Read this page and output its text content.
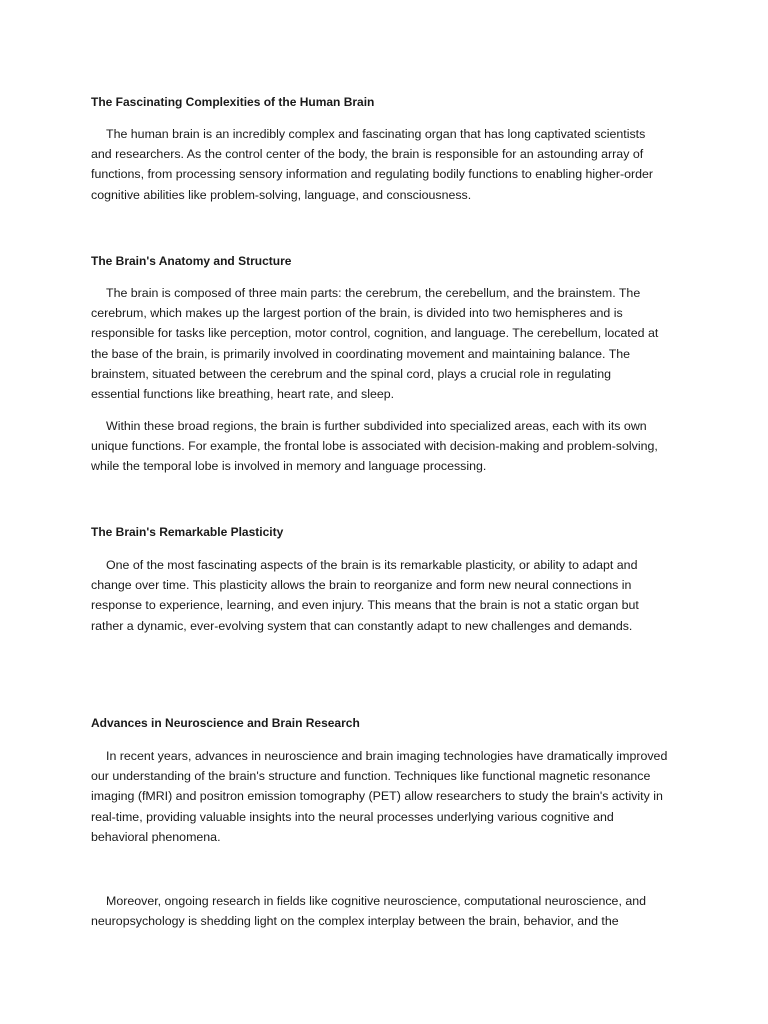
The Fascinating Complexities of the Human Brain

The human brain is an incredibly complex and fascinating organ that has long captivated scientists
and researchers. As the control center of the body, the brain is responsible for an astounding array of
functions, from processing sensory information and regulating bodily functions to enabling higher-order
cognitive abilities like problem-solving, language, and consciousness.

The Brain's Anatomy and Structure

The brain is composed of three main parts: the cerebrum, the cerebellum, and the brainstem. The
cerebrum, which makes up the largest portion of the brain, is divided into two hemispheres and is
responsible for tasks like perception, motor control, cognition, and language. The cerebellum, located at
the base of the brain, is primarily involved in coordinating movement and maintaining balance. The
brainstem, situated between the cerebrum and the spinal cord, plays a crucial role in regulating
essential functions like breathing, heart rate, and sleep.

Within these broad regions, the brain is further subdivided into specialized areas, each with its own
unique functions. For example, the frontal lobe is associated with decision-making and problem-solving,
while the temporal lobe is involved in memory and language processing.

The Brain's Remarkable Plasticity

One of the most fascinating aspects of the brain is its remarkable plasticity, or ability to adapt and
change over time. This plasticity allows the brain to reorganize and form new neural connections in
response to experience, learning, and even injury. This means that the brain is not a static organ but
rather a dynamic, ever-evolving system that can constantly adapt to new challenges and demands.

Advances in Neuroscience and Brain Research

In recent years, advances in neuroscience and brain imaging technologies have dramatically improved
our understanding of the brain's structure and function. Techniques like functional magnetic resonance
imaging (fMRI) and positron emission tomography (PET) allow researchers to study the brain's activity in
real-time, providing valuable insights into the neural processes underlying various cognitive and
behavioral phenomena.

Moreover, ongoing research in fields like cognitive neuroscience, computational neuroscience, and
neuropsychology is shedding light on the complex interplay between the brain, behavior, and the
